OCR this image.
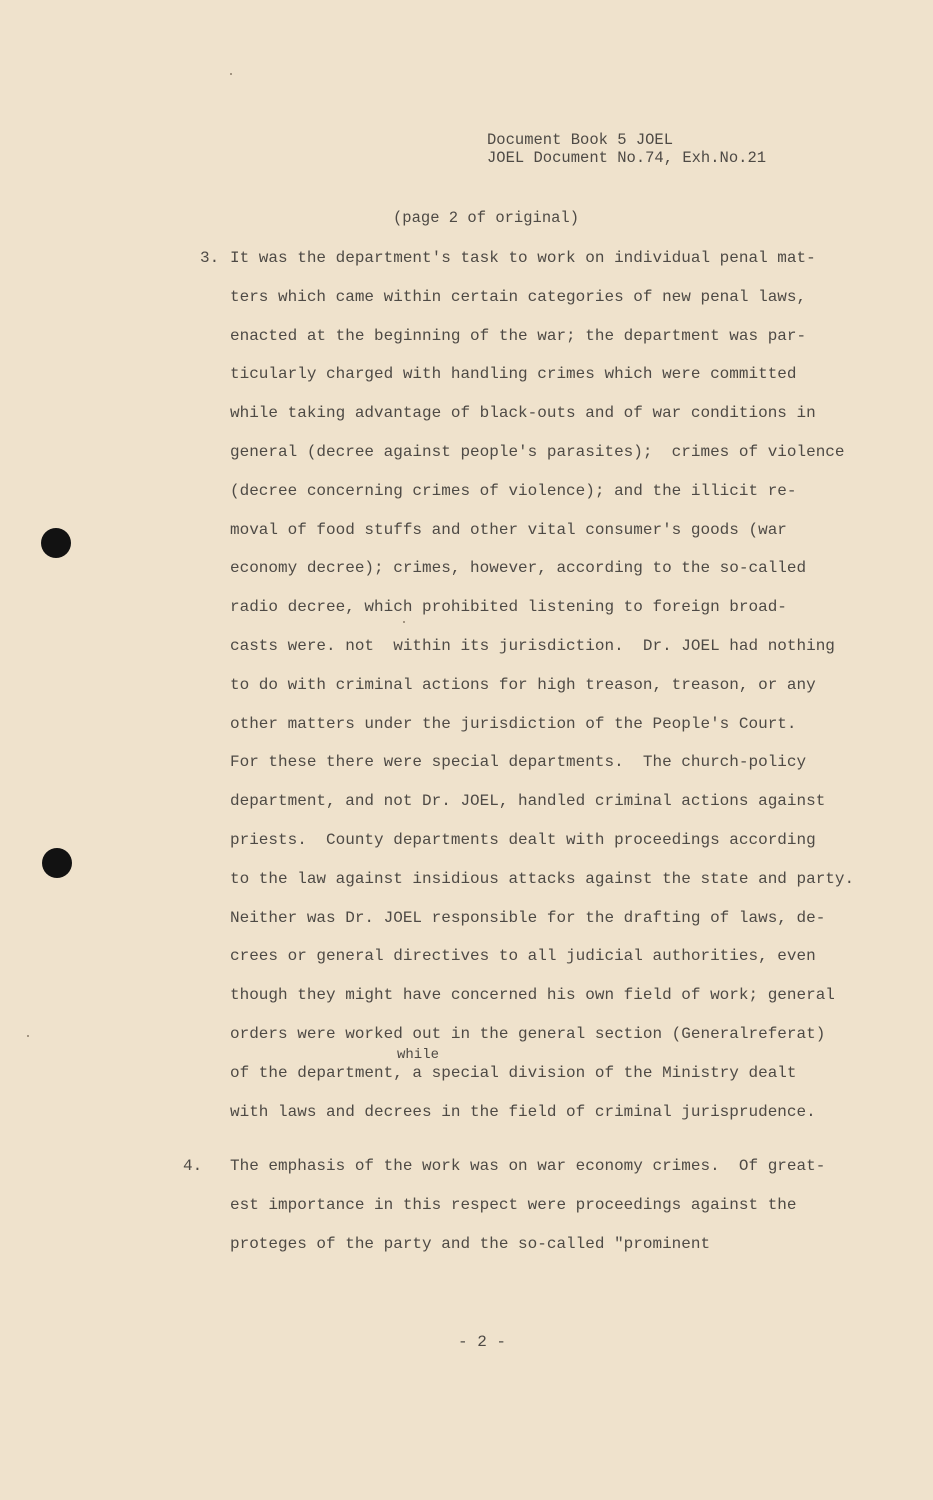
Document Book 5 JOEL
JOEL Document No.74, Exh.No.21
(page 2 of original)
3. It was the department's task to work on individual penal mat-
ters which came within certain categories of new penal laws,
enacted at the beginning of the war; the department was par-
ticularly charged with handling crimes which were committed
while taking advantage of black-outs and of war conditions in
general (decree against people's parasites);  crimes of violence
(decree concerning crimes of violence); and the illicit re-
moval of food stuffs and other vital consumer's goods (war
economy decree); crimes, however, according to the so-called
radio decree, which prohibited listening to foreign broad-
casts were. not  within its jurisdiction.  Dr. JOEL had nothing
to do with criminal actions for high treason, treason, or any
other matters under the jurisdiction of the People's Court.
For these there were special departments.  The church-policy
department, and not Dr. JOEL, handled criminal actions against
priests.  County departments dealt with proceedings according
to the law against insidious attacks against the state and party.
Neither was Dr. JOEL responsible for the drafting of laws, de-
crees or general directives to all judicial authorities, even
though they might have concerned his own field of work; general
orders were worked out in the general section (Generalreferat)
of the department, a special division of the Ministry dealt
with laws and decrees in the field of criminal jurisprudence.
while
4. The emphasis of the work was on war economy crimes.  Of great-
est importance in this respect were proceedings against the
proteges of the party and the so-called "prominent
- 2 -
